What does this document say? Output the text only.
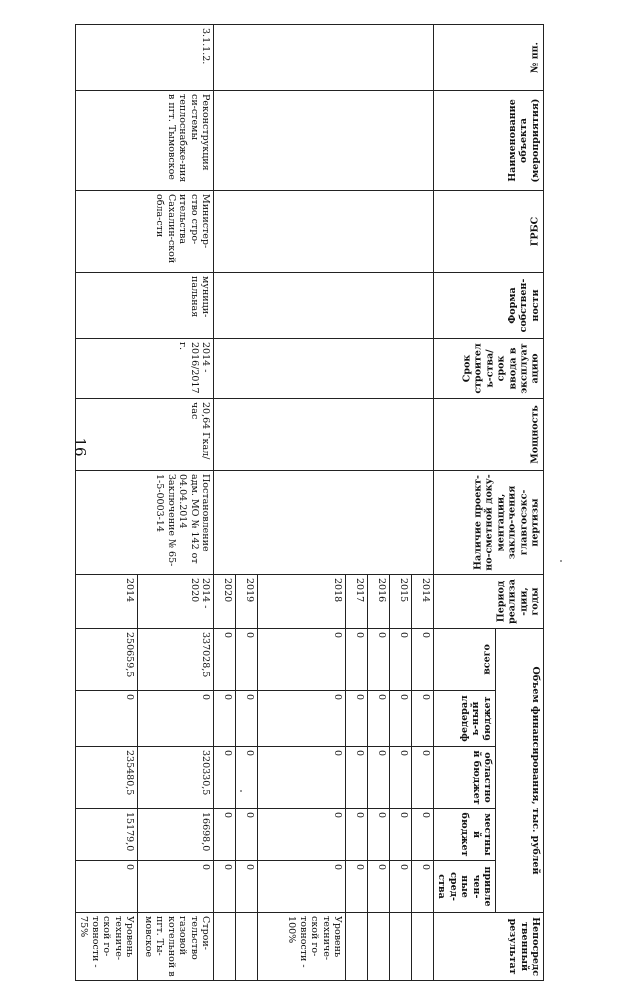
16
№ пп.	Наименование объекта (мероприятия)	ГРБС	Форма собствен-ности	Срок строитель-ства/срок ввода в эксплуатацию	Мощность	Наличие проект-но-сметной доку-ментации, заклю-чения главгосэкс-пертизы	Период реализа-ции, годы	Объем финансирования, тыс. рублей					Непосредственный результат

								всего	федераль-ный бюджет	областной бюджет	местный бюджет	привлечен-ные сред-ства	
							2014	0	0	0	0	0	
							2015	0	0	0	0	0	
							2016	0	0	0	0	0	
							2017	0	0	0	0	0	
							2018	0	0	0	0	0	Уровень техниче-ской го-товности - 100%
							2019	0	0	0	0	0	
							2020	0	0	0	0	0	
3.1.1.2.	Реконструкция си-стемы теплоснабже-ния в пгт. Тымовское	Министер-ство стро-ительства Сахалин-ской обла-сти	муници-пальная	2014 - 2016/2017 г.	20,64 Гкал/час	Постановление адм. МО № 142 от 04.04.2014 Заключение № 65-1-5-0003-14	2014 - 2020	337028,5	0	320330,5	16698,0	0	Строи-тельство газовой котельной в пгт. Ты-мовское
							2014	250659,5	0	235480,5	15179,0	0	Уровень техниче-ской го-товности - 75%
